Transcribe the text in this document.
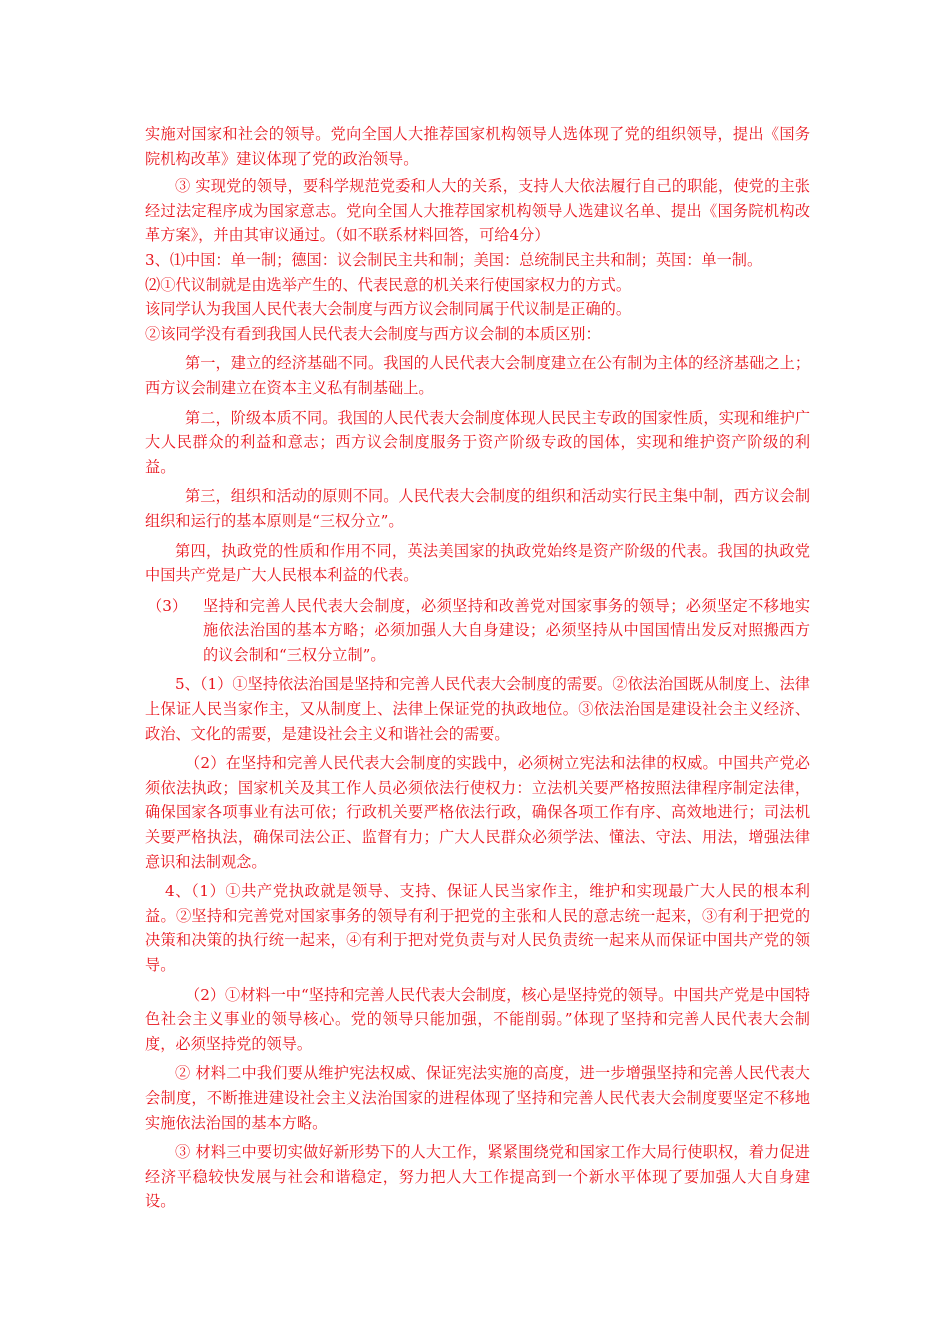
实施对国家和社会的领导。党向全国人大推荐国家机构领导人选体现了党的组织领导，提出《国务院机构改革》建议体现了党的政治领导。

③ 实现党的领导，要科学规范党委和人大的关系，支持人大依法履行自己的职能，使党的主张经过法定程序成为国家意志。党向全国人大推荐国家机构领导人选建议名单、提出《国务院机构改革方案》，并由其审议通过。（如不联系材料回答，可给4分）

3、⑴中国：单一制；德国：议会制民主共和制；美国：总统制民主共和制；英国：单一制。

⑵①代议制就是由选举产生的、代表民意的机关来行使国家权力的方式。

该同学认为我国人民代表大会制度与西方议会制同属于代议制是正确的。

②该同学没有看到我国人民代表大会制度与西方议会制的本质区别：

第一，建立的经济基础不同。我国的人民代表大会制度建立在公有制为主体的经济基础之上；西方议会制建立在资本主义私有制基础上。

第二，阶级本质不同。我国的人民代表大会制度体现人民民主专政的国家性质，实现和维护广大人民群众的利益和意志；西方议会制度服务于资产阶级专政的国体，实现和维护资产阶级的利益。

第三，组织和活动的原则不同。人民代表大会制度的组织和活动实行民主集中制，西方议会制组织和运行的基本原则是“三权分立”。

第四，执政党的性质和作用不同，英法美国家的执政党始终是资产阶级的代表。我国的执政党中国共产党是广大人民根本利益的代表。

（3）	坚持和完善人民代表大会制度，必须坚持和改善党对国家事务的领导；必须坚定不移地实施依法治国的基本方略；必须加强人大自身建设；必须坚持从中国国情出发反对照搬西方的议会制和“三权分立制”。

5、（1）①坚持依法治国是坚持和完善人民代表大会制度的需要。②依法治国既从制度上、法律上保证人民当家作主，又从制度上、法律上保证党的执政地位。③依法治国是建设社会主义经济、政治、文化的需要，是建设社会主义和谐社会的需要。

（2）在坚持和完善人民代表大会制度的实践中，必须树立宪法和法律的权威。中国共产党必须依法执政；国家机关及其工作人员必须依法行使权力：立法机关要严格按照法律程序制定法律，确保国家各项事业有法可依；行政机关要严格依法行政，确保各项工作有序、高效地进行；司法机关要严格执法，确保司法公正、监督有力；广大人民群众必须学法、懂法、守法、用法，增强法律意识和法制观念。

4、（1）①共产党执政就是领导、支持、保证人民当家作主，维护和实现最广大人民的根本利益。②坚持和完善党对国家事务的领导有利于把党的主张和人民的意志统一起来，③有利于把党的决策和决策的执行统一起来，④有利于把对党负责与对人民负责统一起来从而保证中国共产党的领导。

（2）①材料一中“坚持和完善人民代表大会制度，核心是坚持党的领导。中国共产党是中国特色社会主义事业的领导核心。党的领导只能加强，不能削弱。”体现了坚持和完善人民代表大会制度，必须坚持党的领导。

② 材料二中我们要从维护宪法权威、保证宪法实施的高度，进一步增强坚持和完善人民代表大会制度，不断推进建设社会主义法治国家的进程体现了坚持和完善人民代表大会制度要坚定不移地实施依法治国的基本方略。

③ 材料三中要切实做好新形势下的人大工作，紧紧围绕党和国家工作大局行使职权，着力促进经济平稳较快发展与社会和谐稳定，努力把人大工作提高到一个新水平体现了要加强人大自身建设。
